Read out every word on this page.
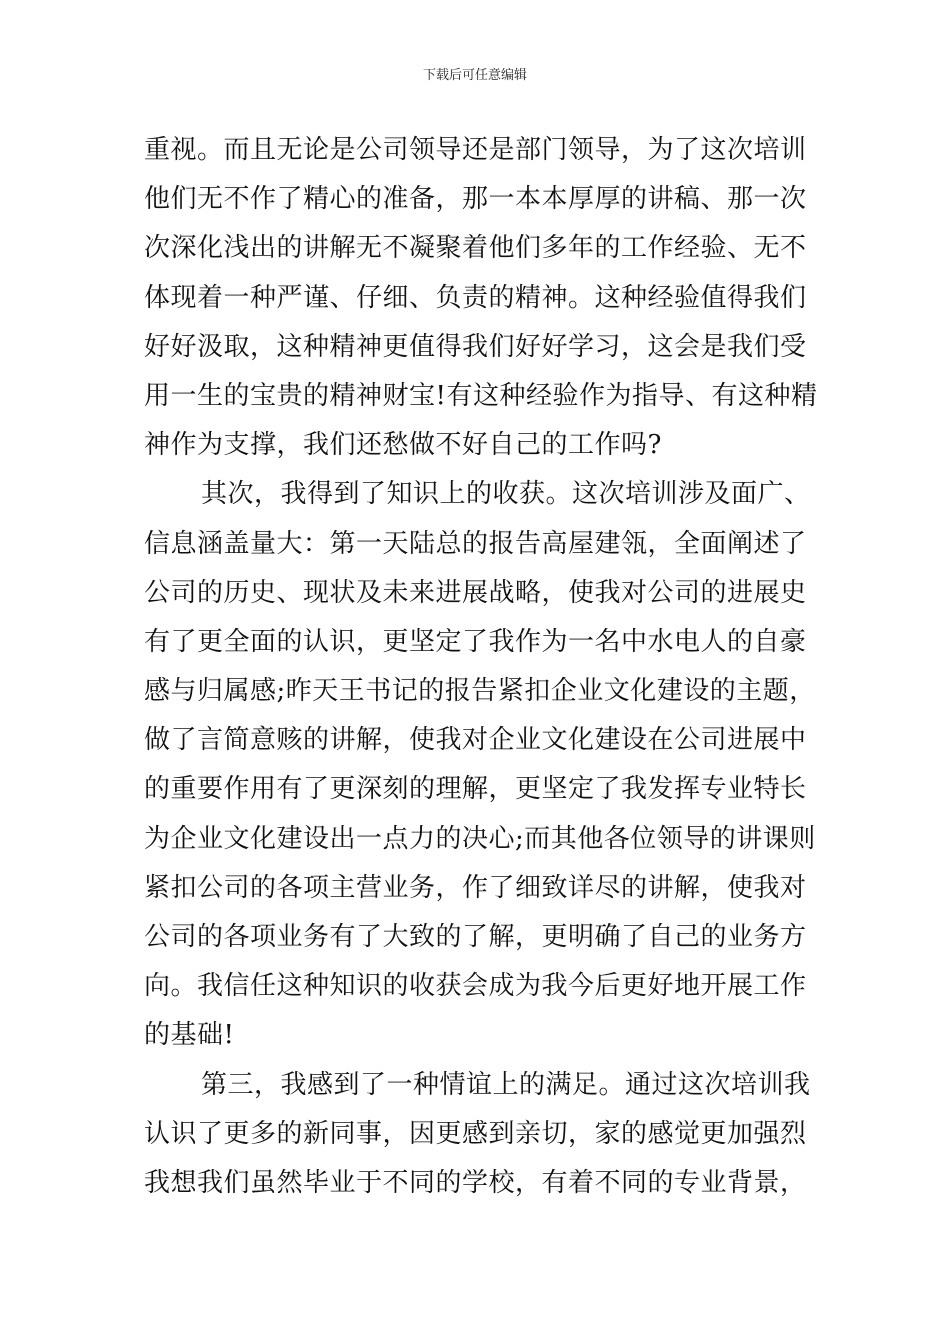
下载后可任意编辑
重视。而且无论是公司领导还是部门领导，为了这次培训
他们无不作了精心的准备，那一本本厚厚的讲稿、那一次
次深化浅出的讲解无不凝聚着他们多年的工作经验、无不
体现着一种严谨、仔细、负责的精神。这种经验值得我们
好好汲取，这种精神更值得我们好好学习，这会是我们受
用一生的宝贵的精神财宝!有这种经验作为指导、有这种精
神作为支撑，我们还愁做不好自己的工作吗?
其次，我得到了知识上的收获。这次培训涉及面广、
信息涵盖量大：第一天陆总的报告高屋建瓴，全面阐述了
公司的历史、现状及未来进展战略，使我对公司的进展史
有了更全面的认识，更坚定了我作为一名中水电人的自豪
感与归属感;昨天王书记的报告紧扣企业文化建设的主题，
做了言简意赅的讲解，使我对企业文化建设在公司进展中
的重要作用有了更深刻的理解，更坚定了我发挥专业特长
为企业文化建设出一点力的决心;而其他各位领导的讲课则
紧扣公司的各项主营业务，作了细致详尽的讲解，使我对
公司的各项业务有了大致的了解，更明确了自己的业务方
向。我信任这种知识的收获会成为我今后更好地开展工作
的基础!
第三，我感到了一种情谊上的满足。通过这次培训我
认识了更多的新同事，因更感到亲切，家的感觉更加强烈
我想我们虽然毕业于不同的学校，有着不同的专业背景，
